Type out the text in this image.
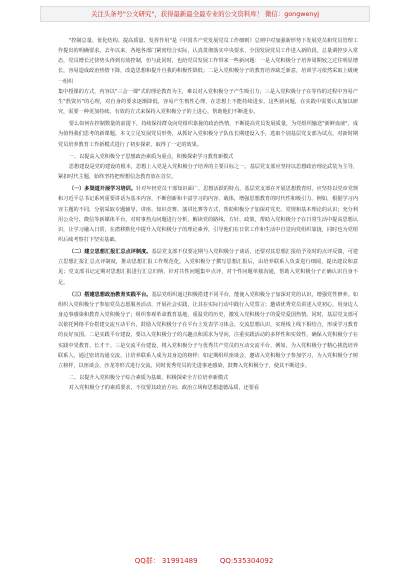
关注头条号"公文研究"，获得最新最全最专业的公文资料库！ 微信：gongwenyj

"控制总量、优化结构、提高质量、发挥作用"是《中国共产党发展党员工作细则》总则中对加强新形势下发展党员和党员管理工作提出的明确要求。去年以来，各地各部门紧密结合实际，认真贯彻落实中央要求，全国发展党员工作进入新阶段。总量调控步入常态，党员增长过快势头得到有效控制，但与此同时，也给党员发展工作带来一些新问题：一是入党积极分子培养周期较之过往明显增长，容易造成政治热情下降，改造思想和提升自我的积极性降低；二是入党积极分子的教育培养缺乏新意，培训学习依然采取上级统一组织

集中授课的方式，内容以"三会一课"式的理论教育为主，难以对入党积极分子产生吸引力；三是入党积极分子在等待的过程中容易产生"熬资历"的心理，对自身的要求逐渐降低，容易产生惰性心理，在思想上不能持续进步。这些新问题，在实践中需要认真加以研究，需要一种更加持续、有效的方式来保持入党积极分子的上进心，帮助他们不断进步。

要么如何在控制数量的前提下，持续保持群众向党组织靠拢的政治热情，不断提高党员发展质量，为党组织输送"新鲜血液"，成为值得我们思考的新课题。本文立足发展党员形势，从抓好入党积极分子队伍长期建设入手，选取个别基层党支部为试点，对新时期党员培养教育工作新模式进行了初步探索，取得了一定的效果。

一、以提高入党积极分子思想政治素质为重点，积极探索学习教育新模式

思想建设是党的建设的根本，思想上入党是入党积极分子培养的主要目标之一。基层党支部应坚持以思想政治理论武装为主导，紧扣时代主题，始终坚持把理想信念教育放在首位。

（一）多渠道开展学习培训。针对年轻党员干部知识面广、思想活跃的特点，基层党支部在开展思想教育时，应坚持以党章党规和习近平总书记系列重要讲话为基本内容，不断创新和丰富学习的内容、载体，增强思想教育的时代性和吸引力。例如，根据学习内容主题的不同，分别采取专题辅导、讲座、知识竞赛、演讲比赛等方式，帮助积极分子加深对党史、党规和基本理论的认识；充分利用公众号、微信等新媒体平台，对时事热点问题进行分析，解读党的路线、方针、政策，帮助入党积极分子在日常生活中提高思想认识，让学习融入日常，在潜移默化中提升入党积极分子的理论素养，引导他们在日常工作和生活中自觉向党组织靠拢，同时也为党组织后续考察打下坚实基础。

（二）建立思想汇报汇总点评制度。基层党支部不仅要定期与入党积极分子谈话，还要对其思想汇报给予及时的点评反馈，可建立思想汇报汇总点评制度，推动思想汇报工作规范化。入党积极分子撰写思想汇报后，由培养联系人负责进行细阅，提出建议和意见；党支部书记定期对思想汇报进行汇总归纳，针对共性问题集中点评，对个性问题单独沟通，帮助入党积极分子正确认识自身不足。

（三）搭建思想政治教育实践平台。基层党组织通过积极搭建不同平台，能使入党积极分子加深对党的认识，增强党性修养。如组织入党积极分子参加党员志愿服务活动，开展社会实践，让其在实际行动中践行入党誓言；邀请优秀党员讲述入党初心，用身边人身边事感染和教育入党积极分子；组织参观革命教育基地，重温党的历史，激发入党积极分子的爱党爱国热情。同时，基层党支部可以依托网络平台搭建交流互动平台，鼓励入党积极分子在平台上发表学习体会、交流思想认识，实现线上线下相结合，形成学习教育的良好氛围。二是实践平台建设，要以入党积极分子的兴趣点和需求为导向，注重实践活动的多样性和实效性，确保入党积极分子在实践中受教育、长才干。三是交流平台建设，将入党积极分子与优秀共产党员的互动交流平台，例如，为入党积极分子精心挑选培养联系人，通过密切沟通交流，让培养联系人成为其身边的榜样；如定期组织座谈会，邀请入党积极分子参加学习，为入党积极分子树立榜样，以座谈会、沙龙等形式进行交流，同时优秀党员的先进事迹感染，鼓舞入党积极分子，使其不断进步。

二、以提升入党积极分子综合素质为基础，积极探索全方位培养新模式

对入党积极分子的素质要求，不仅要其政治方向、政治立场和思想道德品质，还要看

QQ群： 31991489	QQ:535304092
